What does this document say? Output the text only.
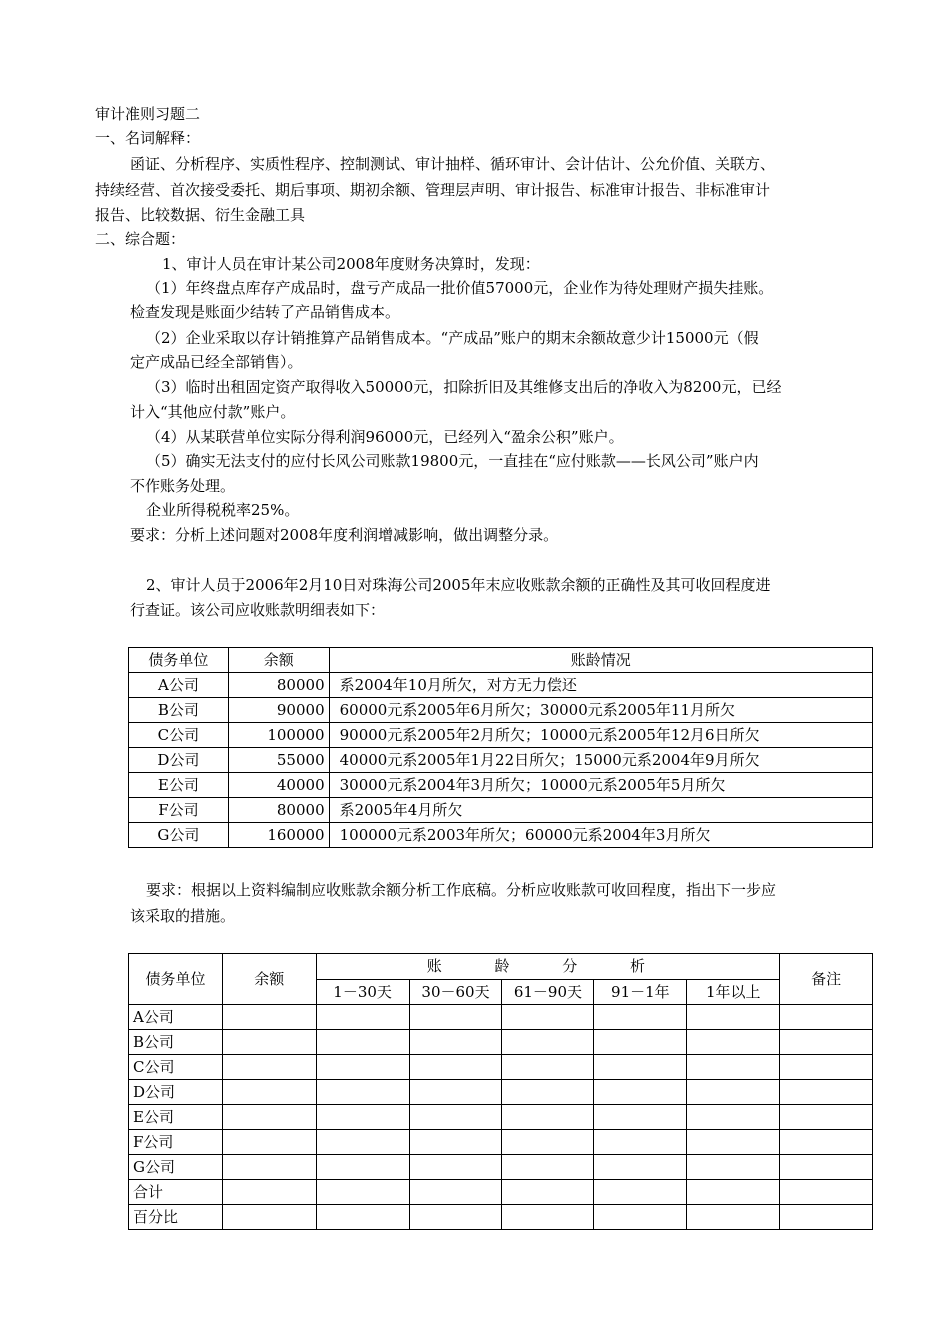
审计准则习题二
一、名词解释：
函证、分析程序、实质性程序、控制测试、审计抽样、循环审计、会计估计、公允价值、关联方、
持续经营、首次接受委托、期后事项、期初余额、管理层声明、审计报告、标准审计报告、非标准审计
报告、比较数据、衍生金融工具
二、综合题：
1、审计人员在审计某公司2008年度财务决算时，发现：
（1）年终盘点库存产成品时，盘亏产成品一批价值57000元，企业作为待处理财产损失挂账。
检查发现是账面少结转了产品销售成本。
（2）企业采取以存计销推算产品销售成本。“产成品”账户的期末余额故意少计15000元（假
定产成品已经全部销售）。
（3）临时出租固定资产取得收入50000元，扣除折旧及其维修支出后的净收入为8200元，已经
计入“其他应付款”账户。
（4）从某联营单位实际分得利润96000元，已经列入“盈余公积”账户。
（5）确实无法支付的应付长风公司账款19800元，一直挂在“应付账款——长风公司”账户内
不作账务处理。
企业所得税税率25%。
要求：分析上述问题对2008年度利润增减影响，做出调整分录。
2、审计人员于2006年2月10日对珠海公司2005年末应收账款余额的正确性及其可收回程度进
行查证。该公司应收账款明细表如下：
债务单位	余额	账龄情况
A公司	80000	系2004年10月所欠，对方无力偿还
B公司	90000	60000元系2005年6月所欠；30000元系2005年11月所欠
C公司	100000	90000元系2005年2月所欠；10000元系2005年12月6日所欠
D公司	55000	40000元系2005年1月22日所欠；15000元系2004年9月所欠
E公司	40000	30000元系2004年3月所欠；10000元系2005年5月所欠
F公司	80000	系2005年4月所欠
G公司	160000	100000元系2003年所欠；60000元系2004年3月所欠
要求：根据以上资料编制应收账款余额分析工作底稿。分析应收账款可收回程度，指出下一步应
该采取的措施。
债务单位	余额	账 龄 分 析					备注
		1－30天	30－60天	61－90天	91－1年	1年以上	
A公司							
B公司							
C公司							
D公司							
E公司							
F公司							
G公司							
合计							
百分比							
